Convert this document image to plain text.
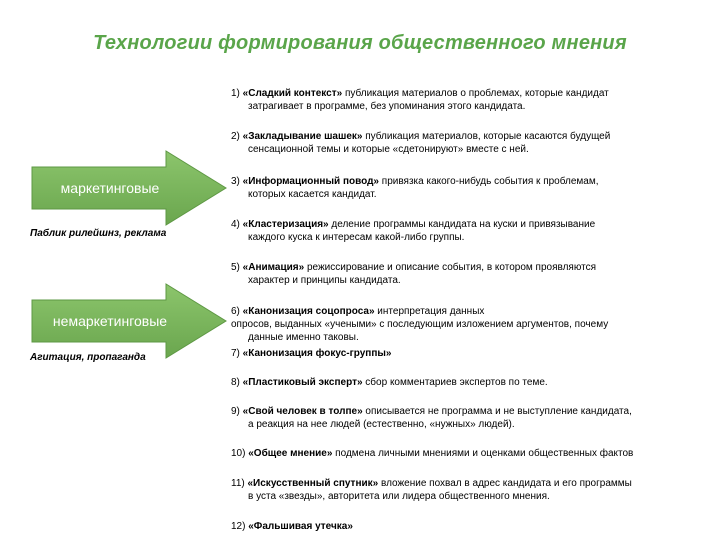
Технологии формирования общественного мнения
маркетинговые
Паблик рилейшнз, реклама
немаркетинговые
Агитация, пропаганда
1) «Сладкий контекст» публикация материалов о проблемах, которые кандидат
затрагивает в программе, без упоминания этого кандидата.
2) «Закладывание шашек» публикация материалов, которые касаются будущей
сенсационной темы и которые «сдетонируют» вместе с ней.
3) «Информационный повод» привязка какого-нибудь события к проблемам,
которых касается кандидат.
4) «Кластеризация» деление программы кандидата на куски и привязывание
каждого куска к интересам какой-либо группы.
5) «Анимация» режиссирование и описание события, в котором проявляются
характер и принципы кандидата.
6) «Канонизация соцопроса» интерпретация данных
опросов, выданных «учеными» с последующим изложением аргументов, почему
данные именно таковы.
7) «Канонизация фокус-группы»
8) «Пластиковый эксперт» сбор комментариев экспертов по теме.
9) «Свой человек в толпе» описывается не программа и не выступление кандидата,
а реакция на нее людей (естественно, «нужных» людей).
10) «Общее мнение» подмена личными мнениями и оценками общественных фактов
11) «Искусственный спутник» вложение похвал в адрес кандидата и его программы
в уста «звезды», авторитета или лидера общественного мнения.
12) «Фальшивая утечка»
